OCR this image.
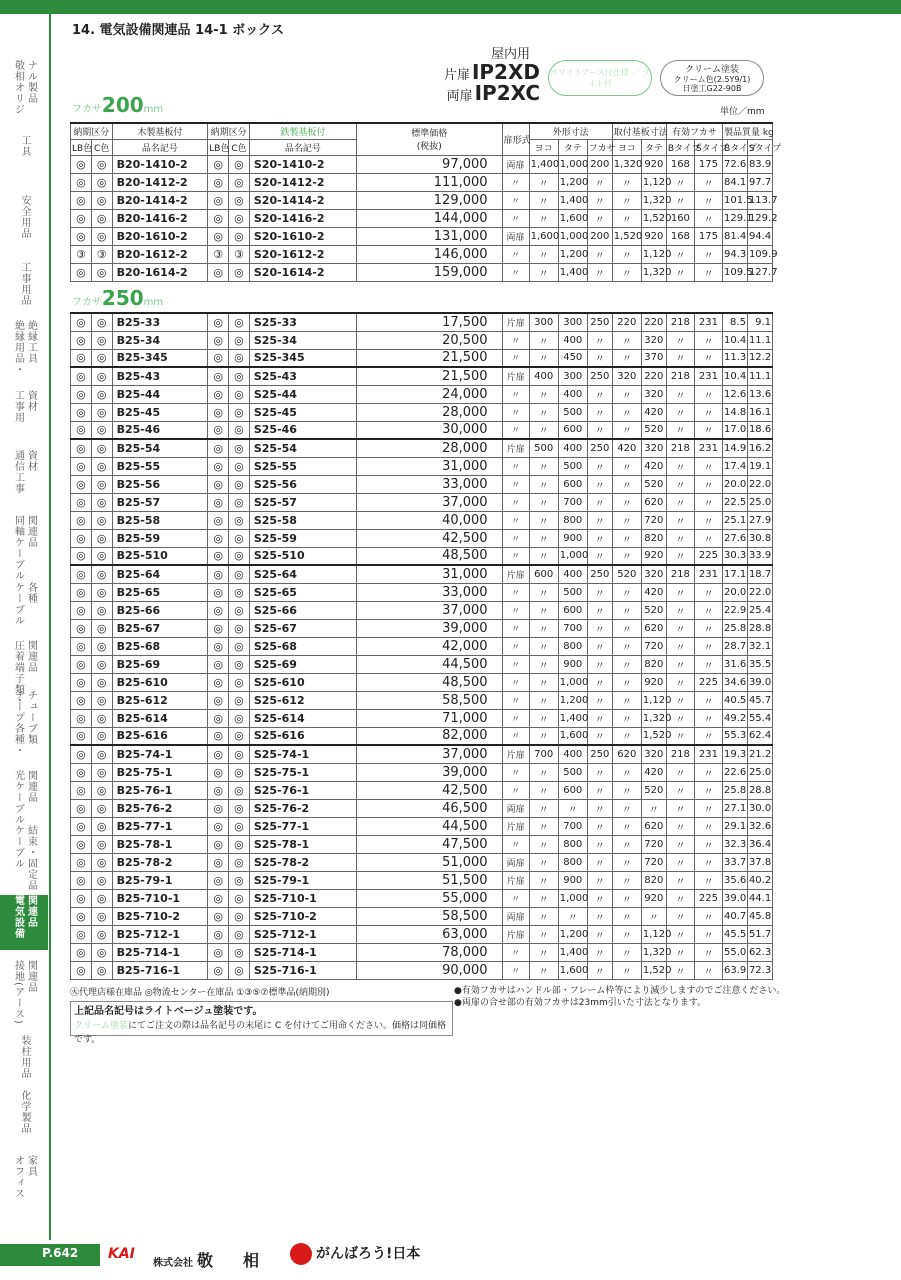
ナル製品
敬相オリジ
工具
安全用品
工事用品
絶縁工具
絶縁用品・
資材
工事用
資材
通信工事
関連品
同軸ケーブル
各種
ケーブル
関連品
圧着端子類・
チューブ類
テープ各種・
関連品
光ケーブル
結束・固定品
ケーブル
関連品
電気設備
関連品
接地(アース)
装柱用品
化学製品
家具
オフィス
14. 電気設備関連品 14-1 ボックス
屋内用
片扉 IP2XD
両扉 IP2XC
ホワイトアース付仕様 ／ ライト付
クリーム塗装
クリーム色(2.5Y9/1)
日塗工G22-90B
単位／mm
フカサ200mm
納期区分		木製基板付	納期区分		鉄製基板付	標準価格
(税抜)	扉形式	外形寸法			取付基板寸法		有効フカサ		製品質量 kg	
LB色	C色	品名記号	LB色	C色	品名記号			ヨコ	タテ	フカサ	ヨコ	タテ	Bタイプ	Sタイプ	Bタイプ	Sタイプ
◎	◎	B20-1410-2	◎	◎	S20-1410-2	97,000	両扉	1,400	1,000	200	1,320	920	168	175	72.6	83.9
◎	◎	B20-1412-2	◎	◎	S20-1412-2	111,000	〃	〃	1,200	〃	〃	1,120	〃	〃	84.1	97.7
◎	◎	B20-1414-2	◎	◎	S20-1414-2	129,000	〃	〃	1,400	〃	〃	1,320	〃	〃	101.5	113.7
◎	◎	B20-1416-2	◎	◎	S20-1416-2	144,000	〃	〃	1,600	〃	〃	1,520	160	〃	129.1	129.2
◎	◎	B20-1610-2	◎	◎	S20-1610-2	131,000	両扉	1,600	1,000	200	1,520	920	168	175	81.4	94.4
③	③	B20-1612-2	③	③	S20-1612-2	146,000	〃	〃	1,200	〃	〃	1,120	〃	〃	94.3	109.9
◎	◎	B20-1614-2	◎	◎	S20-1614-2	159,000	〃	〃	1,400	〃	〃	1,320	〃	〃	109.5	127.7
フカサ250mm
◎	◎	B25-33	◎	◎	S25-33	17,500	片扉	300	300	250	220	220	218	231	8.5	9.1
◎	◎	B25-34	◎	◎	S25-34	20,500	〃	〃	400	〃	〃	320	〃	〃	10.4	11.1
◎	◎	B25-345	◎	◎	S25-345	21,500	〃	〃	450	〃	〃	370	〃	〃	11.3	12.2
◎	◎	B25-43	◎	◎	S25-43	21,500	片扉	400	300	250	320	220	218	231	10.4	11.1
◎	◎	B25-44	◎	◎	S25-44	24,000	〃	〃	400	〃	〃	320	〃	〃	12.6	13.6
◎	◎	B25-45	◎	◎	S25-45	28,000	〃	〃	500	〃	〃	420	〃	〃	14.8	16.1
◎	◎	B25-46	◎	◎	S25-46	30,000	〃	〃	600	〃	〃	520	〃	〃	17.0	18.6
◎	◎	B25-54	◎	◎	S25-54	28,000	片扉	500	400	250	420	320	218	231	14.9	16.2
◎	◎	B25-55	◎	◎	S25-55	31,000	〃	〃	500	〃	〃	420	〃	〃	17.4	19.1
◎	◎	B25-56	◎	◎	S25-56	33,000	〃	〃	600	〃	〃	520	〃	〃	20.0	22.0
◎	◎	B25-57	◎	◎	S25-57	37,000	〃	〃	700	〃	〃	620	〃	〃	22.5	25.0
◎	◎	B25-58	◎	◎	S25-58	40,000	〃	〃	800	〃	〃	720	〃	〃	25.1	27.9
◎	◎	B25-59	◎	◎	S25-59	42,500	〃	〃	900	〃	〃	820	〃	〃	27.6	30.8
◎	◎	B25-510	◎	◎	S25-510	48,500	〃	〃	1,000	〃	〃	920	〃	225	30.3	33.9
◎	◎	B25-64	◎	◎	S25-64	31,000	片扉	600	400	250	520	320	218	231	17.1	18.7
◎	◎	B25-65	◎	◎	S25-65	33,000	〃	〃	500	〃	〃	420	〃	〃	20.0	22.0
◎	◎	B25-66	◎	◎	S25-66	37,000	〃	〃	600	〃	〃	520	〃	〃	22.9	25.4
◎	◎	B25-67	◎	◎	S25-67	39,000	〃	〃	700	〃	〃	620	〃	〃	25.8	28.8
◎	◎	B25-68	◎	◎	S25-68	42,000	〃	〃	800	〃	〃	720	〃	〃	28.7	32.1
◎	◎	B25-69	◎	◎	S25-69	44,500	〃	〃	900	〃	〃	820	〃	〃	31.6	35.5
◎	◎	B25-610	◎	◎	S25-610	48,500	〃	〃	1,000	〃	〃	920	〃	225	34.6	39.0
◎	◎	B25-612	◎	◎	S25-612	58,500	〃	〃	1,200	〃	〃	1,120	〃	〃	40.5	45.7
◎	◎	B25-614	◎	◎	S25-614	71,000	〃	〃	1,400	〃	〃	1,320	〃	〃	49.2	55.4
◎	◎	B25-616	◎	◎	S25-616	82,000	〃	〃	1,600	〃	〃	1,520	〃	〃	55.3	62.4
◎	◎	B25-74-1	◎	◎	S25-74-1	37,000	片扉	700	400	250	620	320	218	231	19.3	21.2
◎	◎	B25-75-1	◎	◎	S25-75-1	39,000	〃	〃	500	〃	〃	420	〃	〃	22.6	25.0
◎	◎	B25-76-1	◎	◎	S25-76-1	42,500	〃	〃	600	〃	〃	520	〃	〃	25.8	28.8
◎	◎	B25-76-2	◎	◎	S25-76-2	46,500	両扉	〃	〃	〃	〃	〃	〃	〃	27.1	30.0
◎	◎	B25-77-1	◎	◎	S25-77-1	44,500	片扉	〃	700	〃	〃	620	〃	〃	29.1	32.6
◎	◎	B25-78-1	◎	◎	S25-78-1	47,500	〃	〃	800	〃	〃	720	〃	〃	32.3	36.4
◎	◎	B25-78-2	◎	◎	S25-78-2	51,000	両扉	〃	800	〃	〃	720	〃	〃	33.7	37.8
◎	◎	B25-79-1	◎	◎	S25-79-1	51,500	片扉	〃	900	〃	〃	820	〃	〃	35.6	40.2
◎	◎	B25-710-1	◎	◎	S25-710-1	55,000	〃	〃	1,000	〃	〃	920	〃	225	39.0	44.1
◎	◎	B25-710-2	◎	◎	S25-710-2	58,500	両扉	〃	〃	〃	〃	〃	〃	〃	40.7	45.8
◎	◎	B25-712-1	◎	◎	S25-712-1	63,000	片扉	〃	1,200	〃	〃	1,120	〃	〃	45.5	51.7
◎	◎	B25-714-1	◎	◎	S25-714-1	78,000	〃	〃	1,400	〃	〃	1,320	〃	〃	55.0	62.3
◎	◎	B25-716-1	◎	◎	S25-716-1	90,000	〃	〃	1,600	〃	〃	1,520	〃	〃	63.9	72.3
㊋代理店様在庫品 ◎物流センター在庫品 ①③⑤⑦標準品(納期別)	●有効フカサはハンドル部・フレーム枠等により減少しますのでご注意ください。
●両扉の合せ部の有効フカサは23mm引いた寸法となります。
上記品名記号はライトベージュ塗装です。
クリーム塗装にてご注文の際は品名記号の末尾に C を付けてご用命ください。価格は同価格です。
P.642 KAI
株式会社 敬 相	がんばろう!日本
